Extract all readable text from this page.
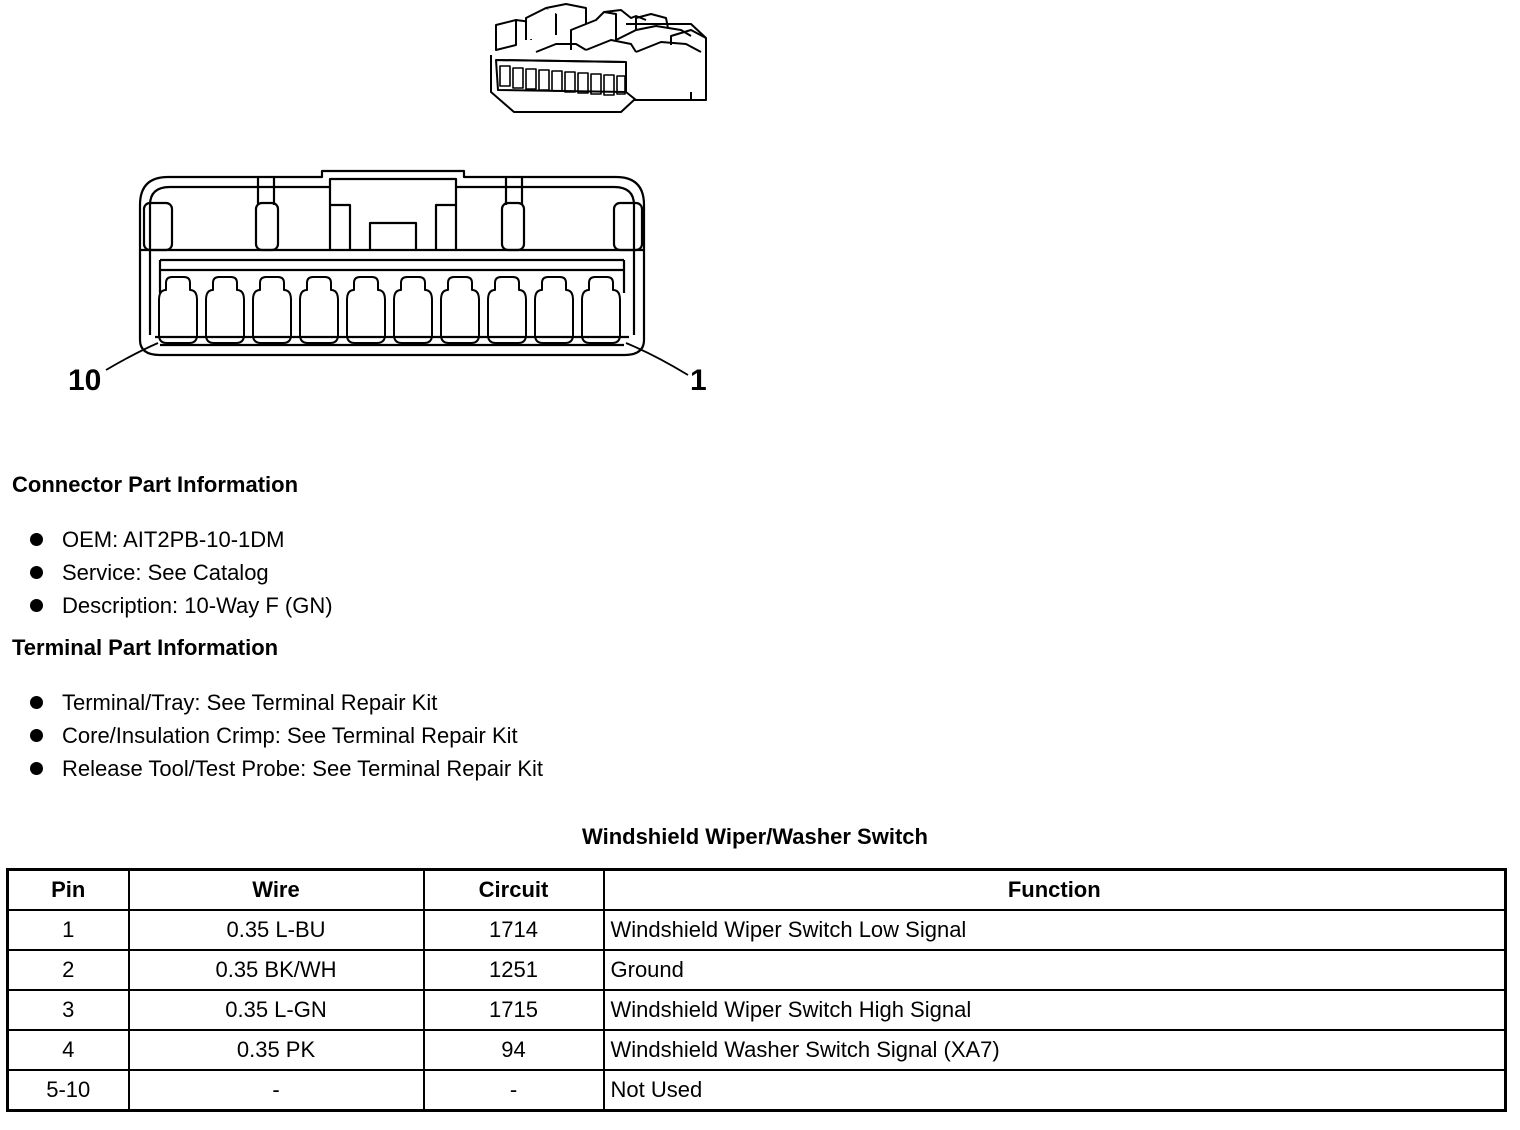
10	1
Connector Part Information
OEM: AIT2PB-10-1DM
Service: See Catalog
Description: 10-Way F (GN)
Terminal Part Information
Terminal/Tray: See Terminal Repair Kit
Core/Insulation Crimp: See Terminal Repair Kit
Release Tool/Test Probe: See Terminal Repair Kit
Windshield Wiper/Washer Switch
Pin	Wire	Circuit	Function
1	0.35 L-BU	1714	Windshield Wiper Switch Low Signal
2	0.35 BK/WH	1251	Ground
3	0.35 L-GN	1715	Windshield Wiper Switch High Signal
4	0.35 PK	94	Windshield Washer Switch Signal (XA7)
5-10	-	-	Not Used
